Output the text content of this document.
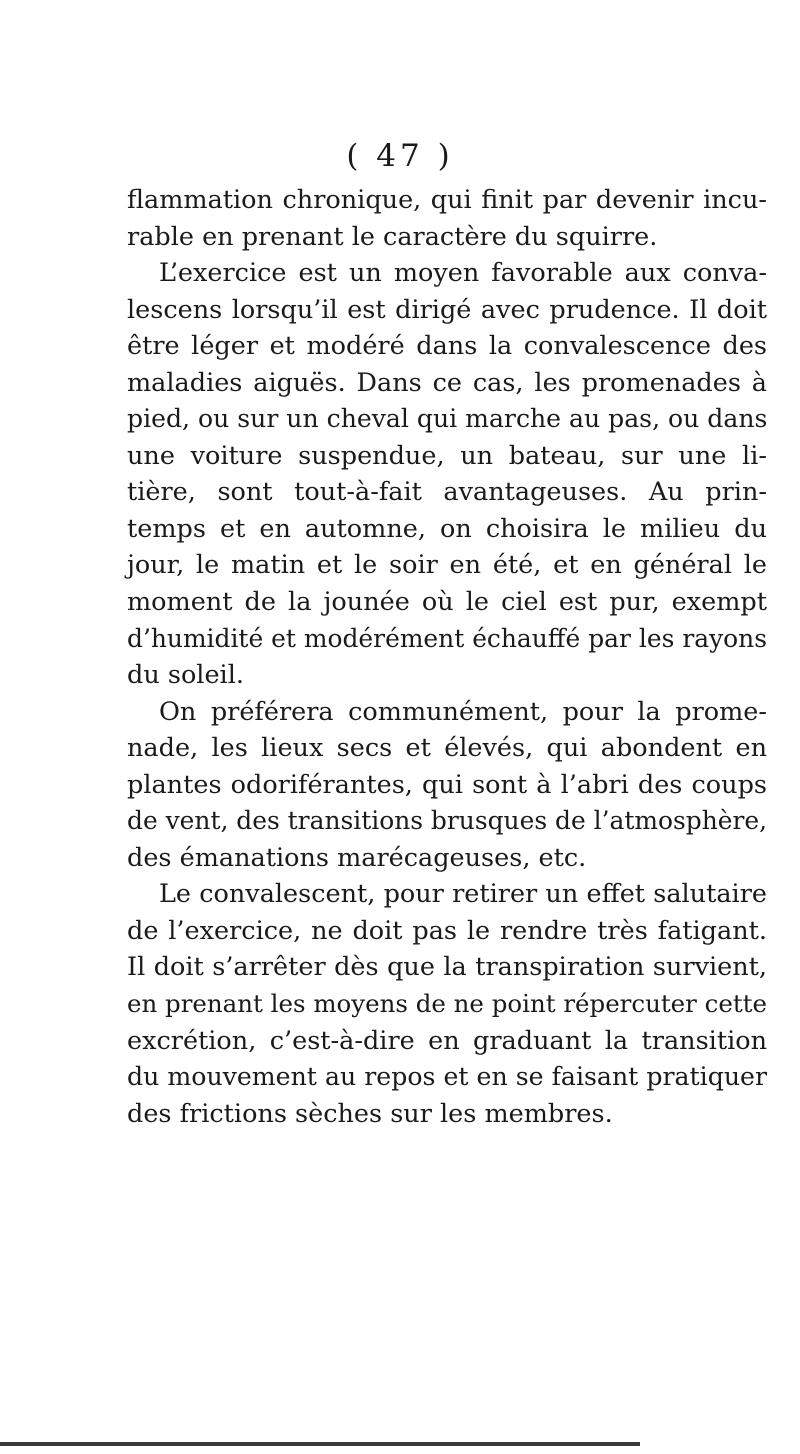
( 47 )
flammation chronique, qui finit par devenir incu-
rable en prenant le caractère du squirre.
L’exercice est un moyen favorable aux conva-
lescens lorsqu’il est dirigé avec prudence. Il doit
être léger et modéré dans la convalescence des
maladies aiguës. Dans ce cas, les promenades à
pied, ou sur un cheval qui marche au pas, ou dans
une voiture suspendue, un bateau, sur une li-
tière, sont tout-à-fait avantageuses. Au prin-
temps et en automne, on choisira le milieu du
jour, le matin et le soir en été, et en général le
moment de la jounée où le ciel est pur, exempt
d’humidité et modérément échauffé par les rayons
du soleil.
On préférera communément, pour la prome-
nade, les lieux secs et élevés, qui abondent en
plantes odoriférantes, qui sont à l’abri des coups
de vent, des transitions brusques de l’atmosphère,
des émanations marécageuses, etc.
Le convalescent, pour retirer un effet salutaire
de l’exercice, ne doit pas le rendre très fatigant.
Il doit s’arrêter dès que la transpiration survient,
en prenant les moyens de ne point répercuter cette
excrétion, c’est-à-dire en graduant la transition
du mouvement au repos et en se faisant pratiquer
des frictions sèches sur les membres.
